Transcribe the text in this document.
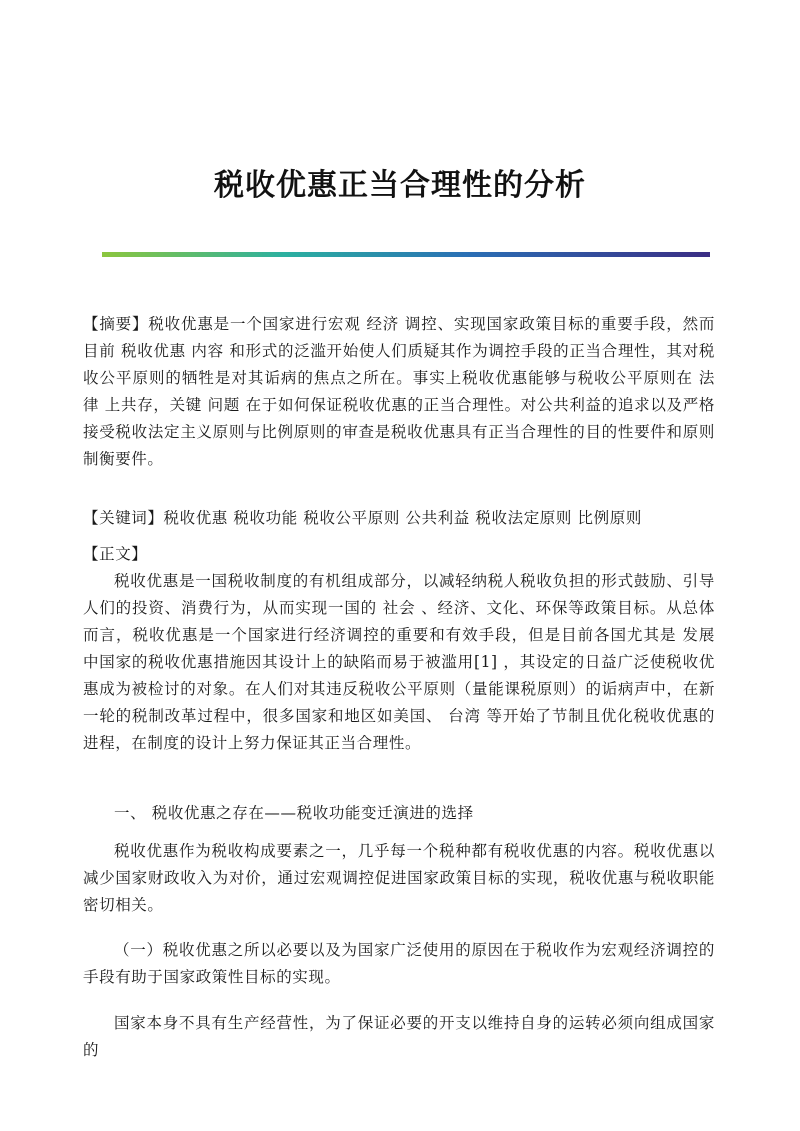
税收优惠正当合理性的分析

【摘要】税收优惠是一个国家进行宏观 经济 调控、实现国家政策目标的重要手段，然而目前 税收优惠 内容 和形式的泛滥开始使人们质疑其作为调控手段的正当合理性，其对税收公平原则的牺牲是对其诟病的焦点之所在。事实上税收优惠能够与税收公平原则在 法律 上共存，关键 问题 在于如何保证税收优惠的正当合理性。对公共利益的追求以及严格接受税收法定主义原则与比例原则的审查是税收优惠具有正当合理性的目的性要件和原则制衡要件。

【关键词】税收优惠 税收功能 税收公平原则 公共利益 税收法定原则 比例原则

【正文】

税收优惠是一国税收制度的有机组成部分，以减轻纳税人税收负担的形式鼓励、引导人们的投资、消费行为，从而实现一国的 社会 、经济、文化、环保等政策目标。从总体而言，税收优惠是一个国家进行经济调控的重要和有效手段，但是目前各国尤其是 发展 中国家的税收优惠措施因其设计上的缺陷而易于被滥用[1] ，其设定的日益广泛使税收优惠成为被检讨的对象。在人们对其违反税收公平原则（量能课税原则）的诟病声中，在新一轮的税制改革过程中，很多国家和地区如美国、 台湾 等开始了节制且优化税收优惠的进程，在制度的设计上努力保证其正当合理性。

一、 税收优惠之存在——税收功能变迁演进的选择

税收优惠作为税收构成要素之一，几乎每一个税种都有税收优惠的内容。税收优惠以减少国家财政收入为对价，通过宏观调控促进国家政策目标的实现，税收优惠与税收职能密切相关。

（一）税收优惠之所以必要以及为国家广泛使用的原因在于税收作为宏观经济调控的手段有助于国家政策性目标的实现。

国家本身不具有生产经营性，为了保证必要的开支以维持自身的运转必须向组成国家的
